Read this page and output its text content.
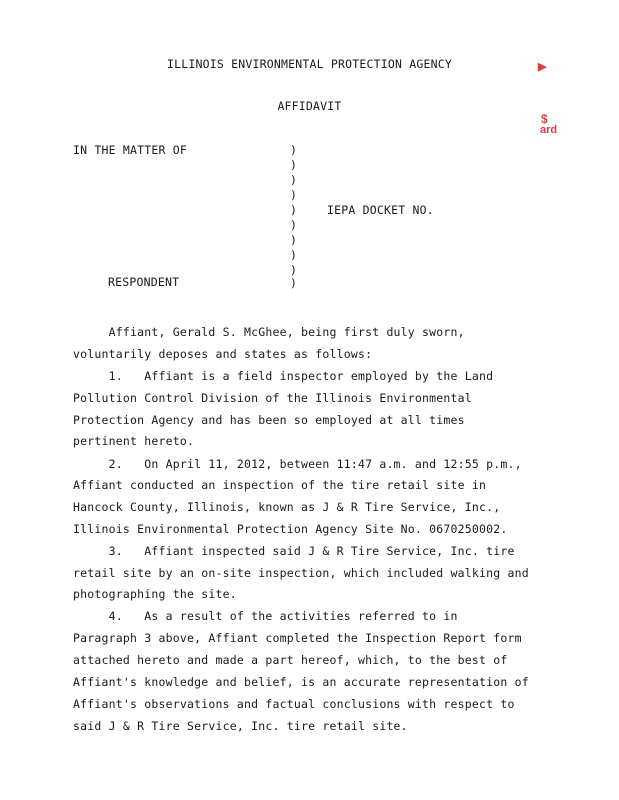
ILLINOIS ENVIRONMENTAL PROTECTION AGENCY
AFFIDAVIT
IN THE MATTER OF	)
)
)
)
)
)
)
)
)
)
IEPA DOCKET NO.
RESPONDENT
Affiant, Gerald S. McGhee, being first duly sworn,
voluntarily deposes and states as follows:
1.   Affiant is a field inspector employed by the Land
Pollution Control Division of the Illinois Environmental
Protection Agency and has been so employed at all times
pertinent hereto.
2.   On April 11, 2012, between 11:47 a.m. and 12:55 p.m.,
Affiant conducted an inspection of the tire retail site in
Hancock County, Illinois, known as J & R Tire Service, Inc.,
Illinois Environmental Protection Agency Site No. 0670250002.
3.   Affiant inspected said J & R Tire Service, Inc. tire
retail site by an on-site inspection, which included walking and
photographing the site.
4.   As a result of the activities referred to in
Paragraph 3 above, Affiant completed the Inspection Report form
attached hereto and made a part hereof, which, to the best of
Affiant's knowledge and belief, is an accurate representation of
Affiant's observations and factual conclusions with respect to
said J & R Tire Service, Inc. tire retail site.
▶
$
ard
